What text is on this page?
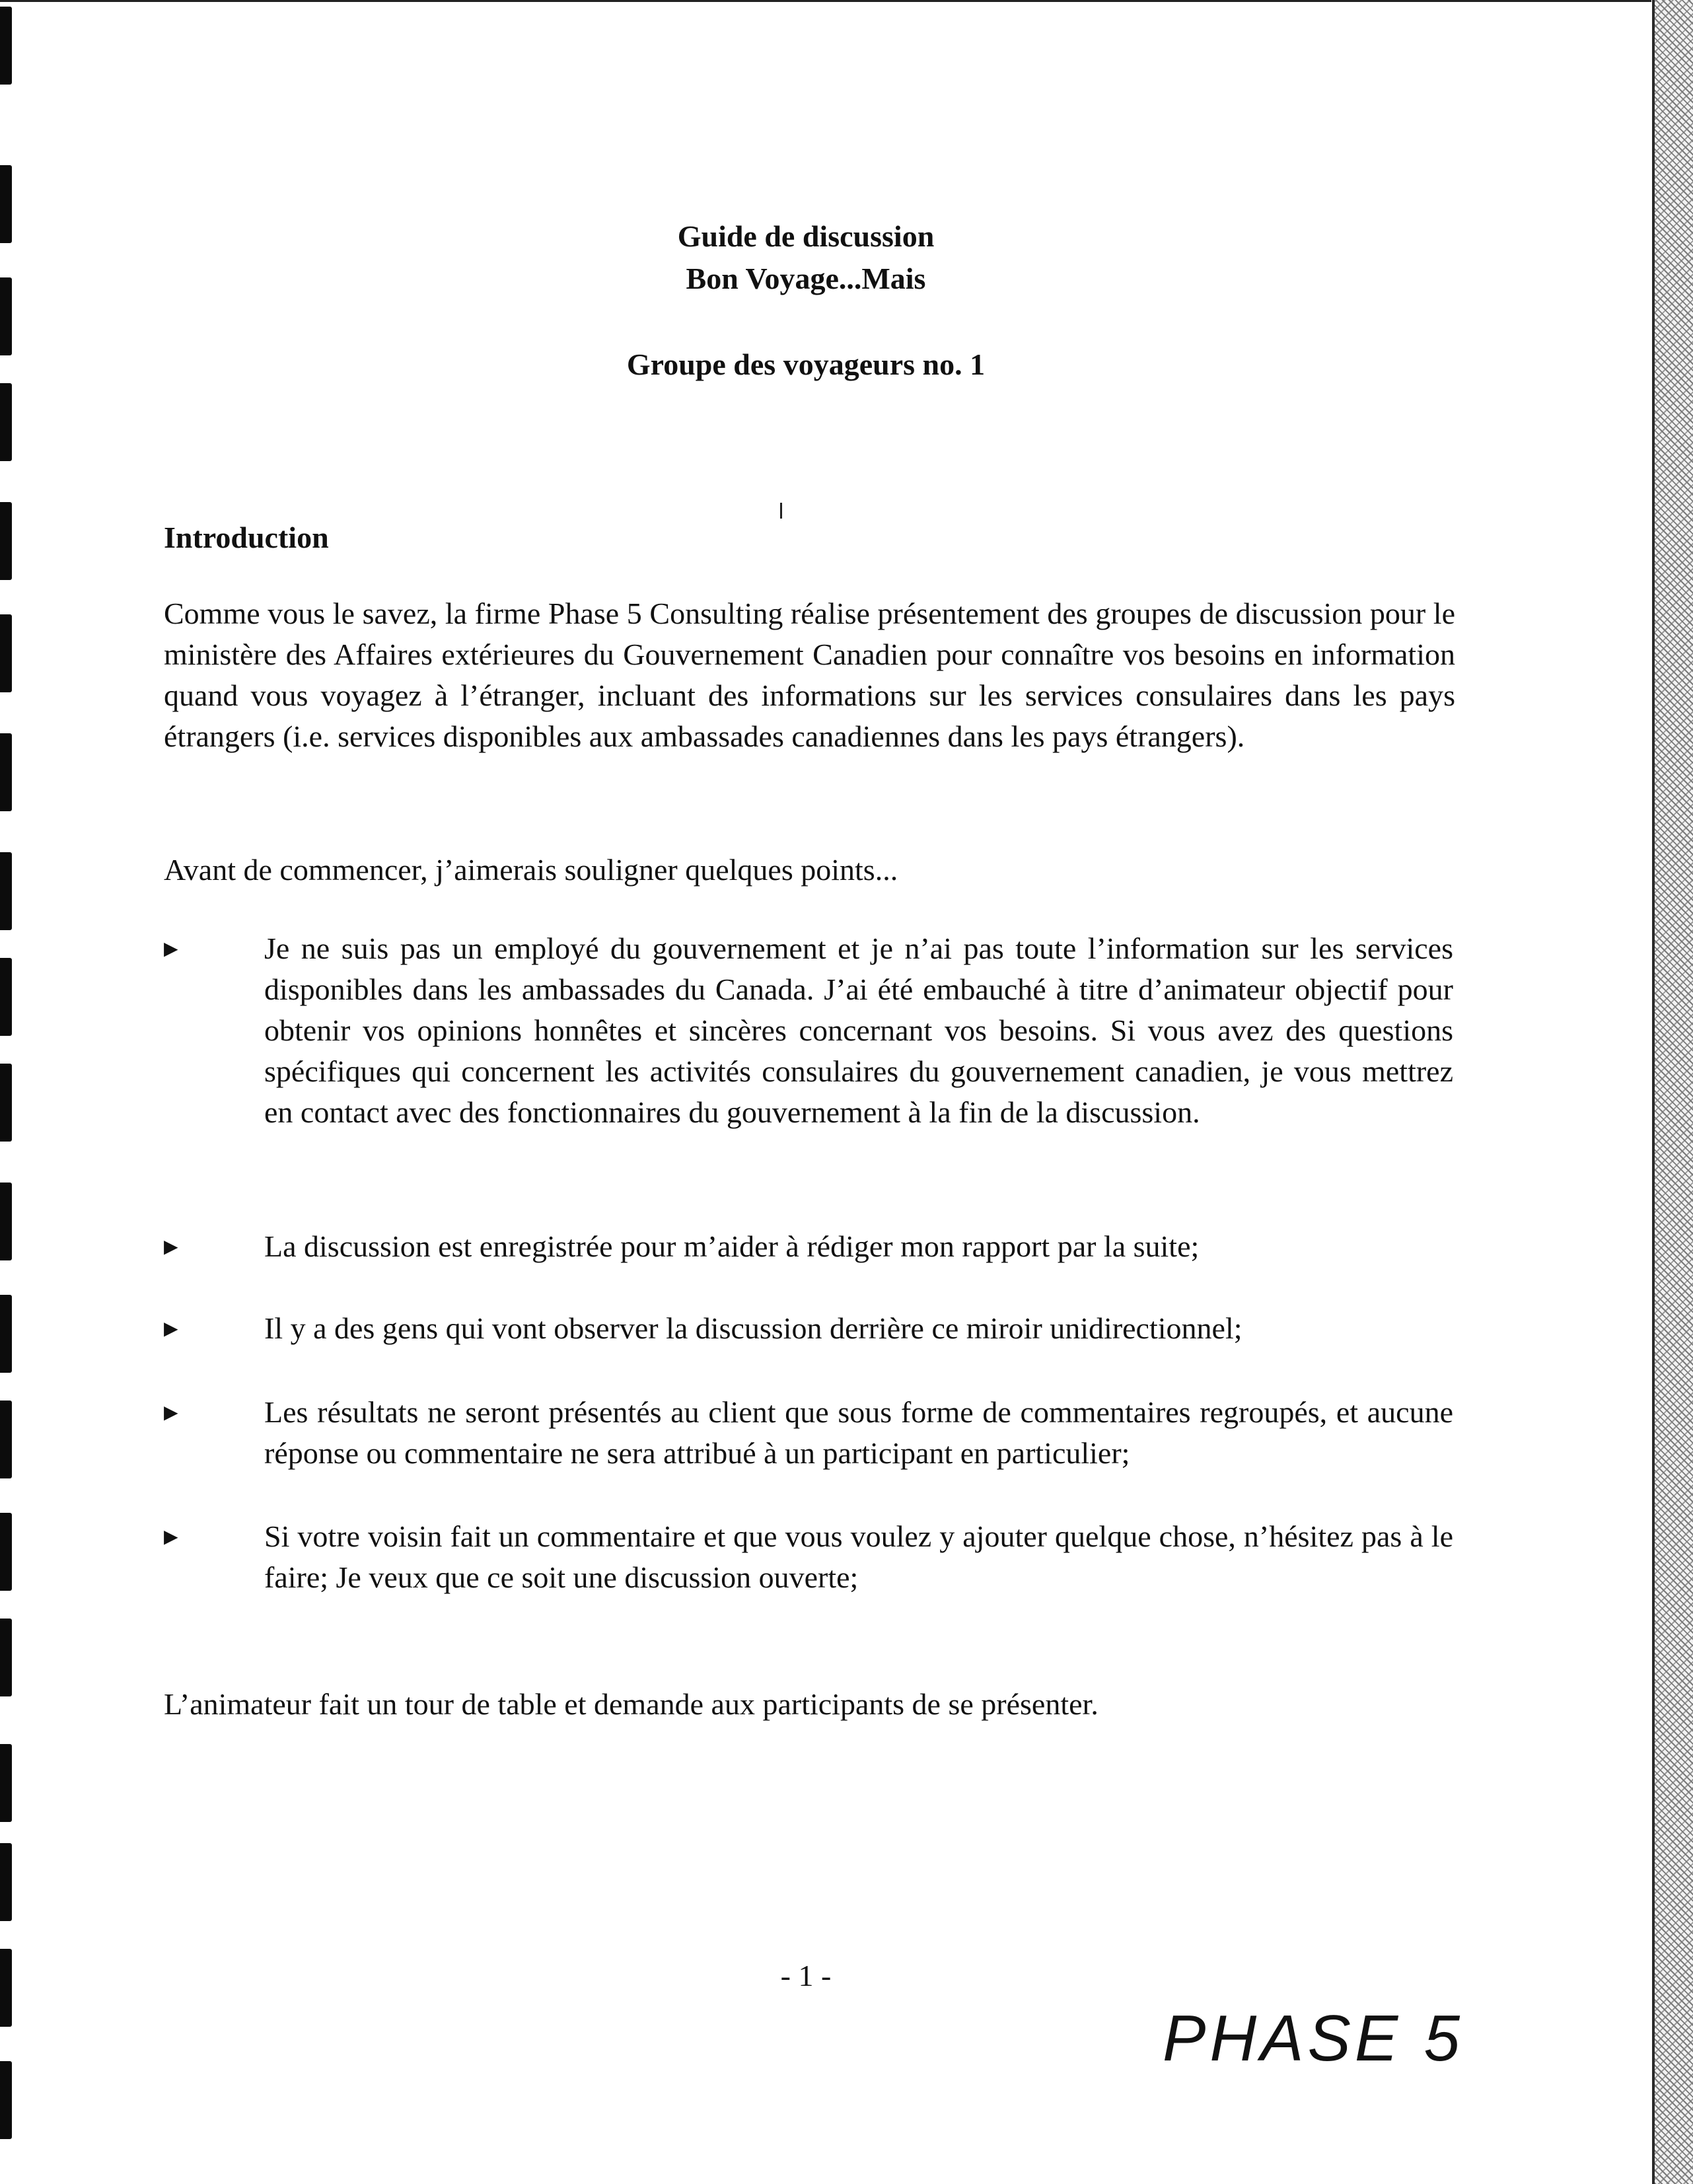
Guide de discussion
Bon Voyage...Mais
Groupe des voyageurs no. 1
Introduction
Comme vous le savez, la firme Phase 5 Consulting réalise présentement des groupes de discussion pour le ministère des Affaires extérieures du Gouvernement Canadien pour connaître vos besoins en information quand vous voyagez à l’étranger, incluant des informations sur les services consulaires dans les pays étrangers (i.e. services disponibles aux ambassades canadiennes dans les pays étrangers).
Avant de commencer, j’aimerais souligner quelques points...
▶	Je ne suis pas un employé du gouvernement et je n’ai pas toute l’information sur les services disponibles dans les ambassades du Canada. J’ai été embauché à titre d’animateur objectif pour obtenir vos opinions honnêtes et sincères concernant vos besoins. Si vous avez des questions spécifiques qui concernent les activités consulaires du gouvernement canadien, je vous mettrez en contact avec des fonctionnaires du gouvernement à la fin de la discussion.
▶	La discussion est enregistrée pour m’aider à rédiger mon rapport par la suite;
▶	Il y a des gens qui vont observer la discussion derrière ce miroir unidirectionnel;
▶	Les résultats ne seront présentés au client que sous forme de commentaires regroupés, et aucune réponse ou commentaire ne sera attribué à un participant en particulier;
▶	Si votre voisin fait un commentaire et que vous voulez y ajouter quelque chose, n’hésitez pas à le faire; Je veux que ce soit une discussion ouverte;
L’animateur fait un tour de table et demande aux participants de se présenter.
- 1 -
PHASE 5
